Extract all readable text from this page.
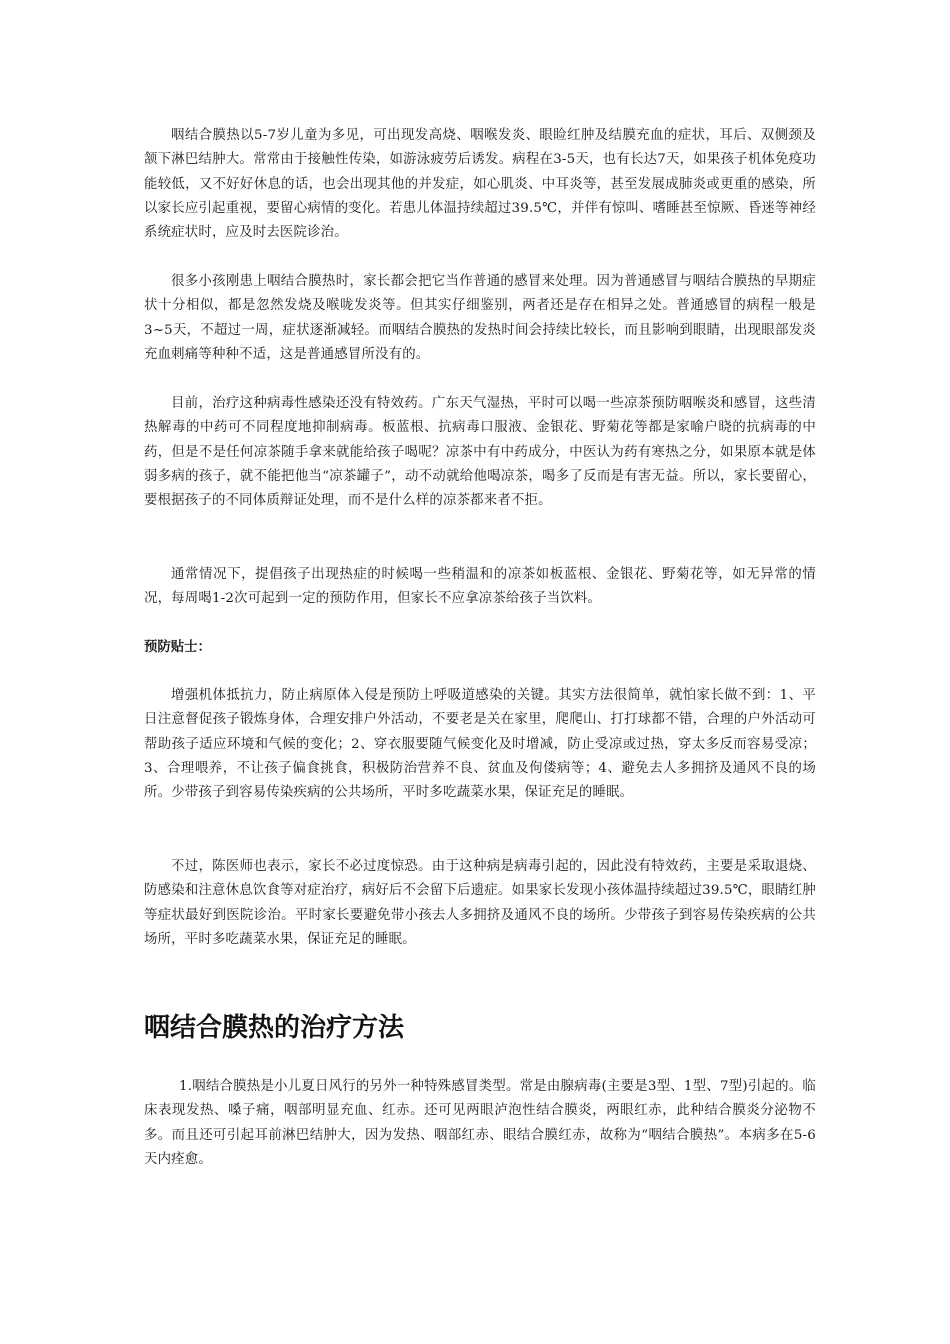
咽结合膜热以5-7岁儿童为多见，可出现发高烧、咽喉发炎、眼睑红肿及结膜充血的症状，耳后、双侧颈及颔下淋巴结肿大。常常由于接触性传染，如游泳疲劳后诱发。病程在3-5天，也有长达7天，如果孩子机体免疫功能较低，又不好好休息的话，也会出现其他的并发症，如心肌炎、中耳炎等，甚至发展成肺炎或更重的感染，所以家长应引起重视，要留心病情的变化。若患儿体温持续超过39.5℃，并伴有惊叫、嗜睡甚至惊厥、昏迷等神经系统症状时，应及时去医院诊治。

很多小孩刚患上咽结合膜热时，家长都会把它当作普通的感冒来处理。因为普通感冒与咽结合膜热的早期症状十分相似，都是忽然发烧及喉咙发炎等。但其实仔细鉴别，两者还是存在相异之处。普通感冒的病程一般是3~5天，不超过一周，症状逐渐减轻。而咽结合膜热的发热时间会持续比较长，而且影响到眼睛，出现眼部发炎充血刺痛等种种不适，这是普通感冒所没有的。

目前，治疗这种病毒性感染还没有特效药。广东天气湿热，平时可以喝一些凉茶预防咽喉炎和感冒，这些清热解毒的中药可不同程度地抑制病毒。板蓝根、抗病毒口服液、金银花、野菊花等都是家喻户晓的抗病毒的中药，但是不是任何凉茶随手拿来就能给孩子喝呢？凉茶中有中药成分，中医认为药有寒热之分，如果原本就是体弱多病的孩子，就不能把他当“凉茶罐子”，动不动就给他喝凉茶，喝多了反而是有害无益。所以，家长要留心，要根据孩子的不同体质辩证处理，而不是什么样的凉茶都来者不拒。

通常情况下，提倡孩子出现热症的时候喝一些稍温和的凉茶如板蓝根、金银花、野菊花等，如无异常的情况，每周喝1-2次可起到一定的预防作用，但家长不应拿凉茶给孩子当饮料。

预防贴士：

增强机体抵抗力，防止病原体入侵是预防上呼吸道感染的关键。其实方法很简单，就怕家长做不到：1、平日注意督促孩子锻炼身体，合理安排户外活动，不要老是关在家里，爬爬山、打打球都不错，合理的户外活动可帮助孩子适应环境和气候的变化；2、穿衣服要随气候变化及时增减，防止受凉或过热，穿太多反而容易受凉；3、合理喂养，不让孩子偏食挑食，积极防治营养不良、贫血及佝偻病等；4、避免去人多拥挤及通风不良的场所。少带孩子到容易传染疾病的公共场所，平时多吃蔬菜水果，保证充足的睡眠。

不过，陈医师也表示，家长不必过度惊恐。由于这种病是病毒引起的，因此没有特效药，主要是采取退烧、防感染和注意休息饮食等对症治疗，病好后不会留下后遗症。如果家长发现小孩体温持续超过39.5℃，眼睛红肿等症状最好到医院诊治。平时家长要避免带小孩去人多拥挤及通风不良的场所。少带孩子到容易传染疾病的公共场所，平时多吃蔬菜水果，保证充足的睡眠。

咽结合膜热的治疗方法

1.咽结合膜热是小儿夏日风行的另外一种特殊感冒类型。常是由腺病毒(主要是3型、1型、7型)引起的。临床表现发热、嗓子痛，咽部明显充血、红赤。还可见两眼泸泡性结合膜炎，两眼红赤，此种结合膜炎分泌物不多。而且还可引起耳前淋巴结肿大，因为发热、咽部红赤、眼结合膜红赤，故称为“咽结合膜热”。本病多在5-6天内痊愈。
